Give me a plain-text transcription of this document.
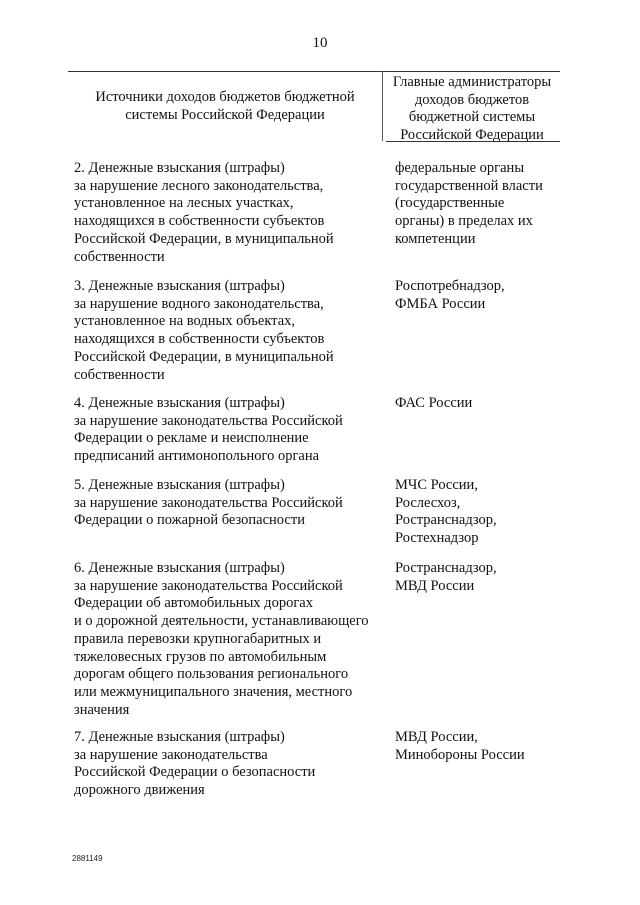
10
Источники доходов бюджетов бюджетной
системы Российской Федерации
Главные администраторы
доходов бюджетов
бюджетной системы
Российской Федерации
2. Денежные взыскания (штрафы)
за нарушение лесного законодательства,
установленное на лесных участках,
находящихся в собственности субъектов
Российской Федерации, в муниципальной
собственности
федеральные органы
государственной власти
(государственные
органы) в пределах их
компетенции
3. Денежные взыскания (штрафы)
за нарушение водного законодательства,
установленное на водных объектах,
находящихся в собственности субъектов
Российской Федерации, в муниципальной
собственности
Роспотребнадзор,
ФМБА России
4. Денежные взыскания (штрафы)
за нарушение законодательства Российской
Федерации о рекламе и неисполнение
предписаний антимонопольного органа
ФАС России
5. Денежные взыскания (штрафы)
за нарушение законодательства Российской
Федерации о пожарной безопасности
МЧС России,
Рослесхоз,
Ространснадзор,
Ростехнадзор
6. Денежные взыскания (штрафы)
за нарушение законодательства Российской
Федерации об автомобильных дорогах
и о дорожной деятельности, устанавливающего
правила перевозки крупногабаритных и
тяжеловесных грузов по автомобильным
дорогам общего пользования регионального
или межмуниципального значения, местного
значения
Ространснадзор,
МВД России
7. Денежные взыскания (штрафы)
за нарушение законодательства
Российской Федерации о безопасности
дорожного движения
МВД России,
Минобороны России
2881149
